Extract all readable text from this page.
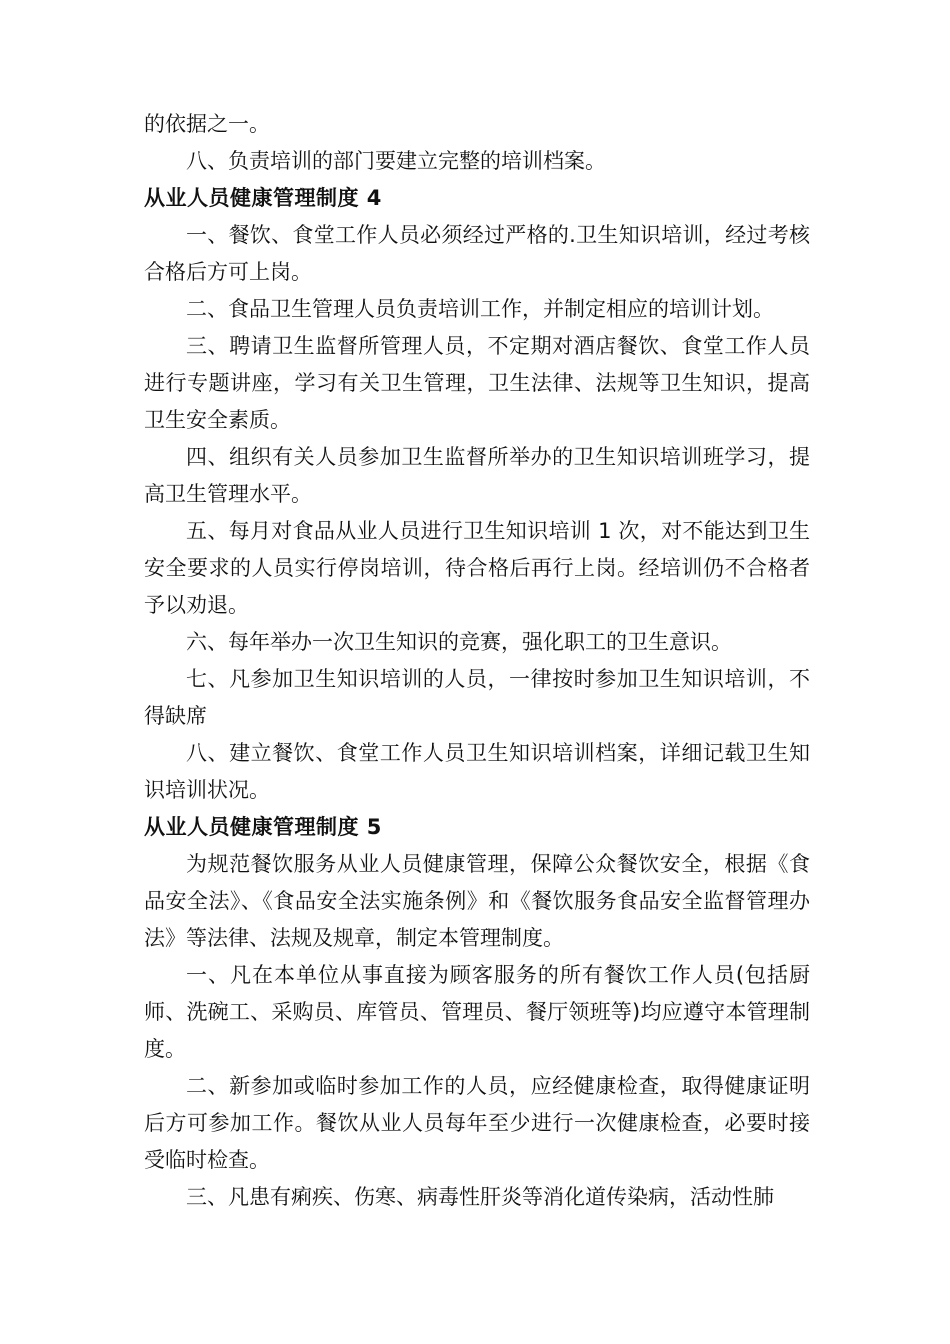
的依据之一。

八、负责培训的部门要建立完整的培训档案。

从业人员健康管理制度 4

一、餐饮、食堂工作人员必须经过严格的.卫生知识培训，经过考核合格后方可上岗。

二、食品卫生管理人员负责培训工作，并制定相应的培训计划。

三、聘请卫生监督所管理人员，不定期对酒店餐饮、食堂工作人员进行专题讲座，学习有关卫生管理，卫生法律、法规等卫生知识，提高卫生安全素质。

四、组织有关人员参加卫生监督所举办的卫生知识培训班学习，提高卫生管理水平。

五、每月对食品从业人员进行卫生知识培训 1 次，对不能达到卫生安全要求的人员实行停岗培训，待合格后再行上岗。经培训仍不合格者予以劝退。

六、每年举办一次卫生知识的竞赛，强化职工的卫生意识。

七、凡参加卫生知识培训的人员，一律按时参加卫生知识培训，不得缺席

八、建立餐饮、食堂工作人员卫生知识培训档案，详细记载卫生知识培训状况。

从业人员健康管理制度 5

为规范餐饮服务从业人员健康管理，保障公众餐饮安全，根据《食品安全法》、《食品安全法实施条例》和《餐饮服务食品安全监督管理办法》等法律、法规及规章，制定本管理制度。

一、凡在本单位从事直接为顾客服务的所有餐饮工作人员(包括厨师、洗碗工、采购员、库管员、管理员、餐厅领班等)均应遵守本管理制度。

二、新参加或临时参加工作的人员，应经健康检查，取得健康证明后方可参加工作。餐饮从业人员每年至少进行一次健康检查，必要时接受临时检查。

三、凡患有痢疾、伤寒、病毒性肝炎等消化道传染病，活动性肺
